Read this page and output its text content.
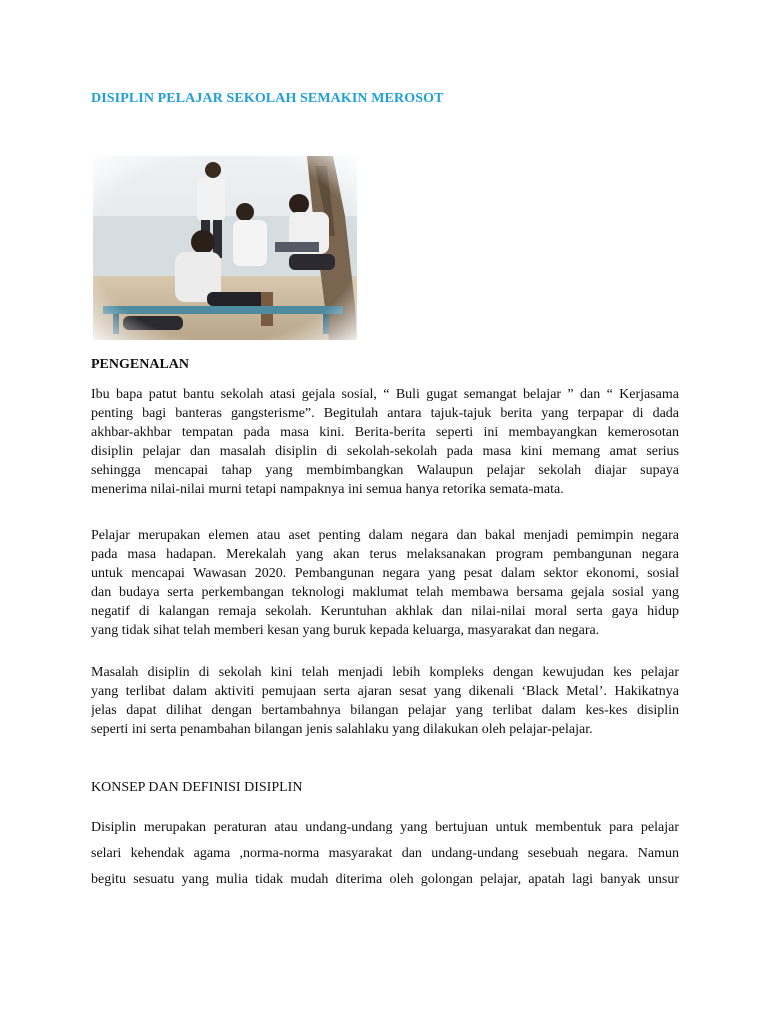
DISIPLIN PELAJAR SEKOLAH SEMAKIN MEROSOT
PENGENALAN
Ibu bapa patut bantu sekolah atasi gejala sosial, “ Buli gugat semangat belajar ” dan “ Kerjasama
penting bagi banteras gangsterisme”. Begitulah antara tajuk-tajuk berita yang terpapar di dada
akhbar-akhbar tempatan pada masa kini. Berita-berita seperti ini membayangkan kemerosotan
disiplin pelajar dan masalah disiplin di sekolah-sekolah pada masa kini memang amat serius
sehingga mencapai tahap yang membimbangkan Walaupun pelajar sekolah diajar supaya
menerima nilai-nilai murni tetapi nampaknya ini semua hanya retorika semata-mata.
Pelajar merupakan elemen atau aset penting dalam negara dan bakal menjadi pemimpin negara
pada masa hadapan. Merekalah yang akan terus melaksanakan program pembangunan negara
untuk mencapai Wawasan 2020. Pembangunan negara yang pesat dalam sektor ekonomi, sosial
dan budaya serta perkembangan teknologi maklumat telah membawa bersama gejala sosial yang
negatif di kalangan remaja sekolah. Keruntuhan akhlak dan nilai-nilai moral serta gaya hidup
yang tidak sihat telah memberi kesan yang buruk kepada keluarga, masyarakat dan negara.
Masalah disiplin di sekolah kini telah menjadi lebih kompleks dengan kewujudan kes pelajar
yang terlibat dalam aktiviti pemujaan serta ajaran sesat yang dikenali ‘Black Metal’. Hakikatnya
jelas dapat dilihat dengan bertambahnya bilangan pelajar yang terlibat dalam kes-kes disiplin
seperti ini serta penambahan bilangan jenis salahlaku yang dilakukan oleh pelajar-pelajar.
KONSEP DAN DEFINISI DISIPLIN
Disiplin merupakan peraturan atau undang-undang yang bertujuan untuk membentuk para pelajar
selari kehendak agama ,norma-norma masyarakat dan undang-undang sesebuah negara. Namun
begitu sesuatu yang mulia tidak mudah diterima oleh golongan pelajar, apatah lagi banyak unsur
